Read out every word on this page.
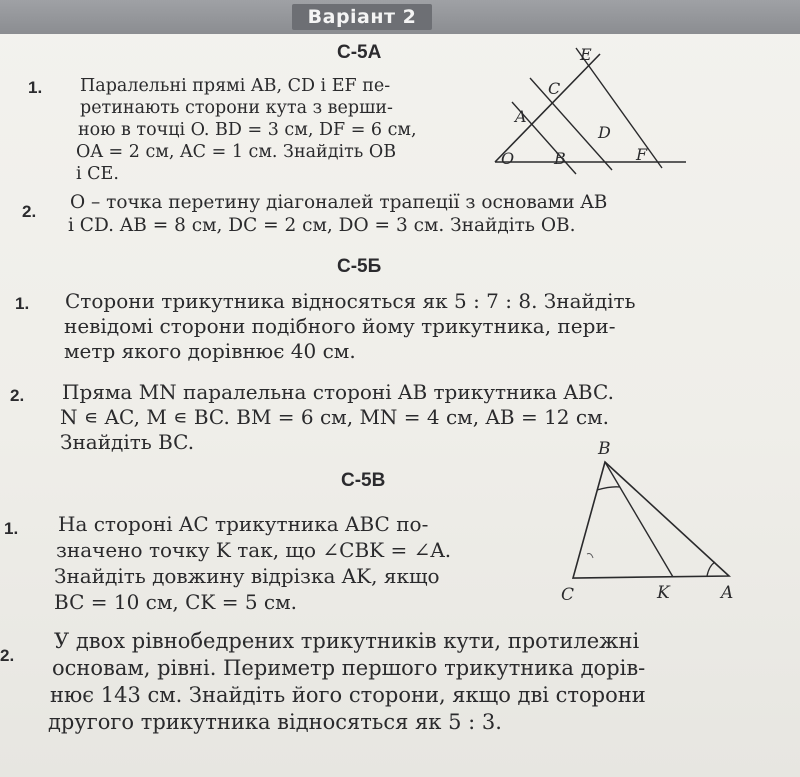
Варіант 2
С-5А
1. Паралельні прямі AB, CD і EF пе-
ретинають сторони кута з верши-
ною в точці O. BD = 3 см, DF = 6 см,
OA = 2 см, AC = 1 см. Знайдіть OB
і CE.
E
C
A
D
O B	F
2. O – точка перетину діагоналей трапеції з основами AB
і CD. AB = 8 см, DC = 2 см, DO = 3 см. Знайдіть OB.
С-5Б
1. Сторони трикутника відносяться як 5 : 7 : 8. Знайдіть
невідомі сторони подібного йому трикутника, пери-
метр якого дорівнює 40 см.
2. Пряма MN паралельна стороні AB трикутника ABC.
N ∊ AC, M ∊ BC. BM = 6 см, MN = 4 см, AB = 12 см.
Знайдіть BC.
С-5В
1. На стороні AC трикутника ABC по-
значено точку K так, що ∠CBK = ∠A.
Знайдіть довжину відрізка AK, якщо
BC = 10 см, CK = 5 см.
B
C	K	A
2.
У двох рівнобедрених трикутників кути, протилежні
основам, рівні. Периметр першого трикутника дорів-
нює 143 см. Знайдіть його сторони, якщо дві сторони
другого трикутника відносяться як 5 : 3.
